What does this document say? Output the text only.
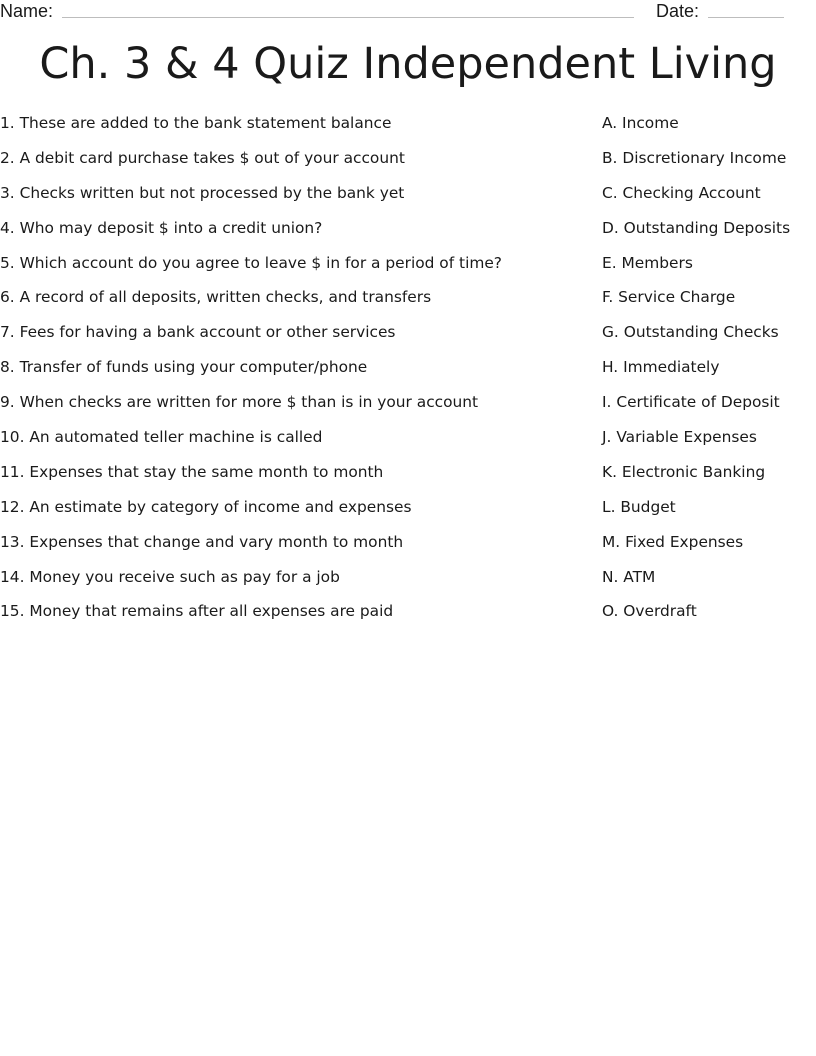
Name:	Date:
Ch. 3 & 4 Quiz Independent Living
1. These are added to the bank statement balance
2. A debit card purchase takes $ out of your account
3. Checks written but not processed by the bank yet
4. Who may deposit $ into a credit union?
5. Which account do you agree to leave $ in for a period of time?
6. A record of all deposits, written checks, and transfers
7. Fees for having a bank account or other services
8. Transfer of funds using your computer/phone
9. When checks are written for more $ than is in your account
10. An automated teller machine is called
11. Expenses that stay the same month to month
12. An estimate by category of income and expenses
13. Expenses that change and vary month to month
14. Money you receive such as pay for a job
15. Money that remains after all expenses are paid
A. Income
B. Discretionary Income
C. Checking Account
D. Outstanding Deposits
E. Members
F. Service Charge
G. Outstanding Checks
H. Immediately
I. Certificate of Deposit
J. Variable Expenses
K. Electronic Banking
L. Budget
M. Fixed Expenses
N. ATM
O. Overdraft
